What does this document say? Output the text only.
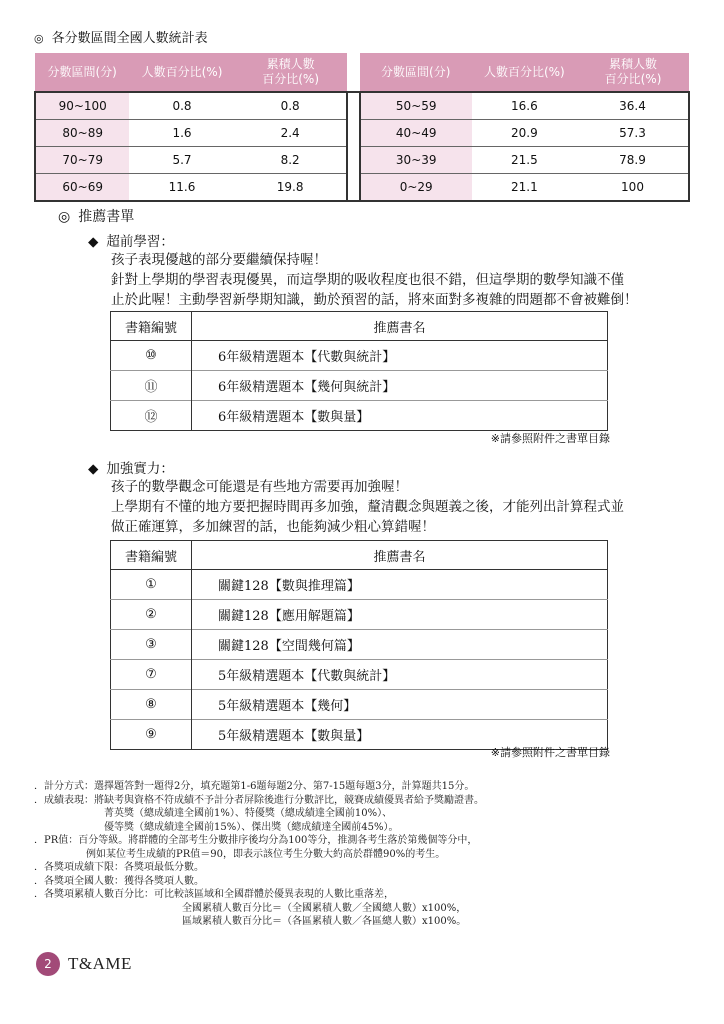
◎ 各分數區間全國人數統計表
分數區間(分)	人數百分比(%)	累積人數
百分比(%)		分數區間(分)	人數百分比(%)	累積人數
百分比(%)
90~100	0.8	0.8		50~59	16.6	36.4
80~89	1.6	2.4		40~49	20.9	57.3
70~79	5.7	8.2		30~39	21.5	78.9
60~69	11.6	19.8		0~29	21.1	100
◎ 推薦書單
◆ 超前學習：
孩子表現優越的部分要繼續保持喔！
針對上學期的學習表現優異，而這學期的吸收程度也很不錯，但這學期的數學知識不僅
止於此喔！主動學習新學期知識，勤於預習的話，將來面對多複雜的問題都不會被難倒！
書籍編號	推薦書名
⑩	6年級精選題本【代數與統計】
⑪	6年級精選題本【幾何與統計】
⑫	6年級精選題本【數與量】
※請參照附件之書單目錄
◆ 加強實力：
孩子的數學觀念可能還是有些地方需要再加強喔！
上學期有不懂的地方要把握時間再多加強，釐清觀念與題義之後，才能列出計算程式並
做正確運算，多加練習的話，也能夠減少粗心算錯喔！
書籍編號	推薦書名
①	關鍵128【數與推理篇】
②	關鍵128【應用解題篇】
③	關鍵128【空間幾何篇】
⑦	5年級精選題本【代數與統計】
⑧	5年級精選題本【幾何】
⑨	5年級精選題本【數與量】
※請參照附件之書單目錄
．計分方式：選擇題答對一題得2分，填充題第1-6題每題2分、第7-15題每題3分，計算題共15分。
．成績表現：將缺考與資格不符成績不予計分者屏除後進行分數評比，競賽成績優異者給予獎勵證書。
菁英獎（總成績達全國前1%）、特優獎（總成績達全國前10%）、
優等獎（總成績達全國前15%）、傑出獎（總成績達全國前45%）。
．PR值：百分等級。將群體的全部考生分數排序後均分為100等分，推測各考生落於第幾個等分中，
例如某位考生成績的PR值＝90，即表示該位考生分數大約高於群體90%的考生。
．各獎項成績下限：各獎項最低分數。
．各獎項全國人數：獲得各獎項人數。
．各獎項累積人數百分比：可比較該區域和全國群體於優異表現的人數比重落差，
全國累積人數百分比＝（全國累積人數／全國總人數）x100%，
區域累積人數百分比＝（各區累積人數／各區總人數）x100%。
2 T&AME
